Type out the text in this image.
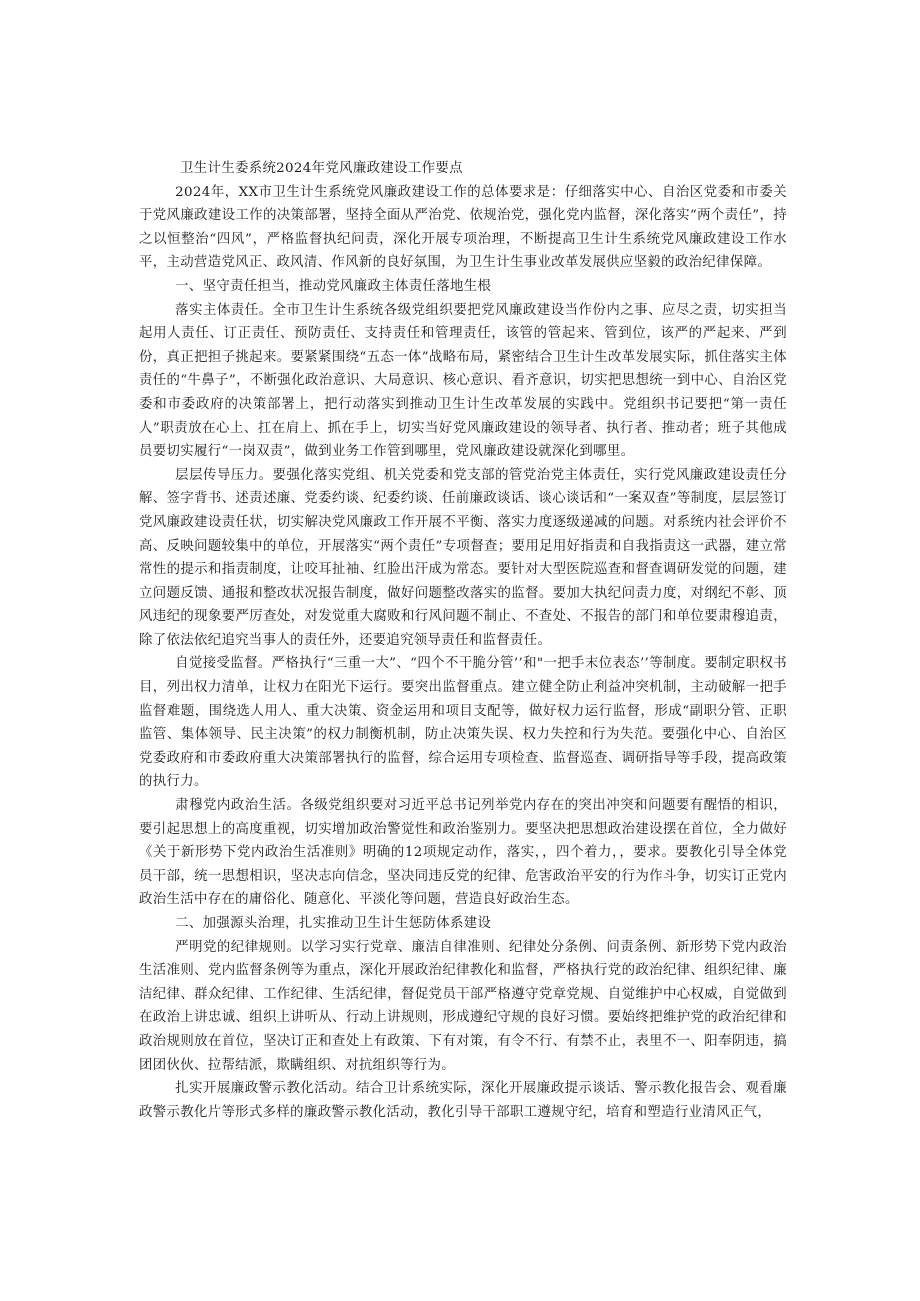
卫生计生委系统2024年党风廉政建设工作要点

2024年，XX市卫生计生系统党风廉政建设工作的总体要求是：仔细落实中心、自治区党委和市委关于党风廉政建设工作的决策部署，坚持全面从严治党、依规治党，强化党内监督，深化落实“两个责任”，持之以恒整治“四风”，严格监督执纪问责，深化开展专项治理，不断提高卫生计生系统党风廉政建设工作水平，主动营造党风正、政风清、作风新的良好氛围，为卫生计生事业改革发展供应坚毅的政治纪律保障。

一、坚守责任担当，推动党风廉政主体责任落地生根

落实主体责任。全市卫生计生系统各级党组织要把党风廉政建设当作份内之事、应尽之责，切实担当起用人责任、订正责任、预防责任、支持责任和管理责任，该管的管起来、管到位，该严的严起来、严到份，真正把担子挑起来。要紧紧围绕“五态一体”战略布局，紧密结合卫生计生改革发展实际，抓住落实主体责任的“牛鼻子”，不断强化政治意识、大局意识、核心意识、看齐意识，切实把思想统一到中心、自治区党委和市委政府的决策部署上，把行动落实到推动卫生计生改革发展的实践中。党组织书记要把“第一责任人”职责放在心上、扛在肩上、抓在手上，切实当好党风廉政建设的领导者、执行者、推动者；班子其他成员要切实履行“一岗双责”，做到业务工作管到哪里，党风廉政建设就深化到哪里。

层层传导压力。要强化落实党组、机关党委和党支部的管党治党主体责任，实行党风廉政建设责任分解、签字背书、述责述廉、党委约谈、纪委约谈、任前廉政谈话、谈心谈话和“一案双查”等制度，层层签订党风廉政建设责任状，切实解决党风廉政工作开展不平衡、落实力度逐级递减的问题。对系统内社会评价不高、反映问题较集中的单位，开展落实“两个责任”专项督查；要用足用好指责和自我指责这一武器，建立常常性的提示和指责制度，让咬耳扯袖、红脸出汗成为常态。要针对大型医院巡查和督查调研发觉的问题，建立问题反馈、通报和整改状况报告制度，做好问题整改落实的监督。要加大执纪问责力度，对纲纪不彰、顶风违纪的现象要严厉查处，对发觉重大腐败和行风问题不制止、不查处、不报告的部门和单位要肃穆追责，除了依法依纪追究当事人的责任外，还要追究领导责任和监督责任。

自觉接受监督。严格执行“三重一大”、“四个不干脆分管’’和"一把手末位表态’’等制度。要制定职权书目，列出权力清单，让权力在阳光下运行。要突出监督重点。建立健全防止利益冲突机制，主动破解一把手监督难题，围绕选人用人、重大决策、资金运用和项目支配等，做好权力运行监督，形成“副职分管、正职监管、集体领导、民主决策”的权力制衡机制，防止决策失误、权力失控和行为失范。要强化中心、自治区党委政府和市委政府重大决策部署执行的监督，综合运用专项检查、监督巡查、调研指导等手段，提高政策的执行力。

肃穆党内政治生活。各级党组织要对习近平总书记列举党内存在的突出冲突和问题要有醒悟的相识，要引起思想上的高度重视，切实增加政治警觉性和政治鉴别力。要坚决把思想政治建设摆在首位，全力做好《关于新形势下党内政治生活准则》明确的12项规定动作，落实，，四个着力，，要求。要教化引导全体党员干部，统一思想相识，坚决志向信念，坚决同违反党的纪律、危害政治平安的行为作斗争，切实订正党内政治生活中存在的庸俗化、随意化、平淡化等问题，营造良好政治生态。

二、加强源头治理，扎实推动卫生计生惩防体系建设

严明党的纪律规则。以学习实行党章、廉洁自律准则、纪律处分条例、问责条例、新形势下党内政治生活准则、党内监督条例等为重点，深化开展政治纪律教化和监督，严格执行党的政治纪律、组织纪律、廉洁纪律、群众纪律、工作纪律、生活纪律，督促党员干部严格遵守党章党规、自觉维护中心权威，自觉做到在政治上讲忠诚、组织上讲听从、行动上讲规则，形成遵纪守规的良好习惯。要始终把维护党的政治纪律和政治规则放在首位，坚决订正和查处上有政策、下有对策，有令不行、有禁不止，表里不一、阳奉阴违，搞团团伙伙、拉帮结派，欺瞒组织、对抗组织等行为。

扎实开展廉政警示教化活动。结合卫计系统实际，深化开展廉政提示谈话、警示教化报告会、观看廉政警示教化片等形式多样的廉政警示教化活动，教化引导干部职工遵规守纪，培育和塑造行业清风正气，
